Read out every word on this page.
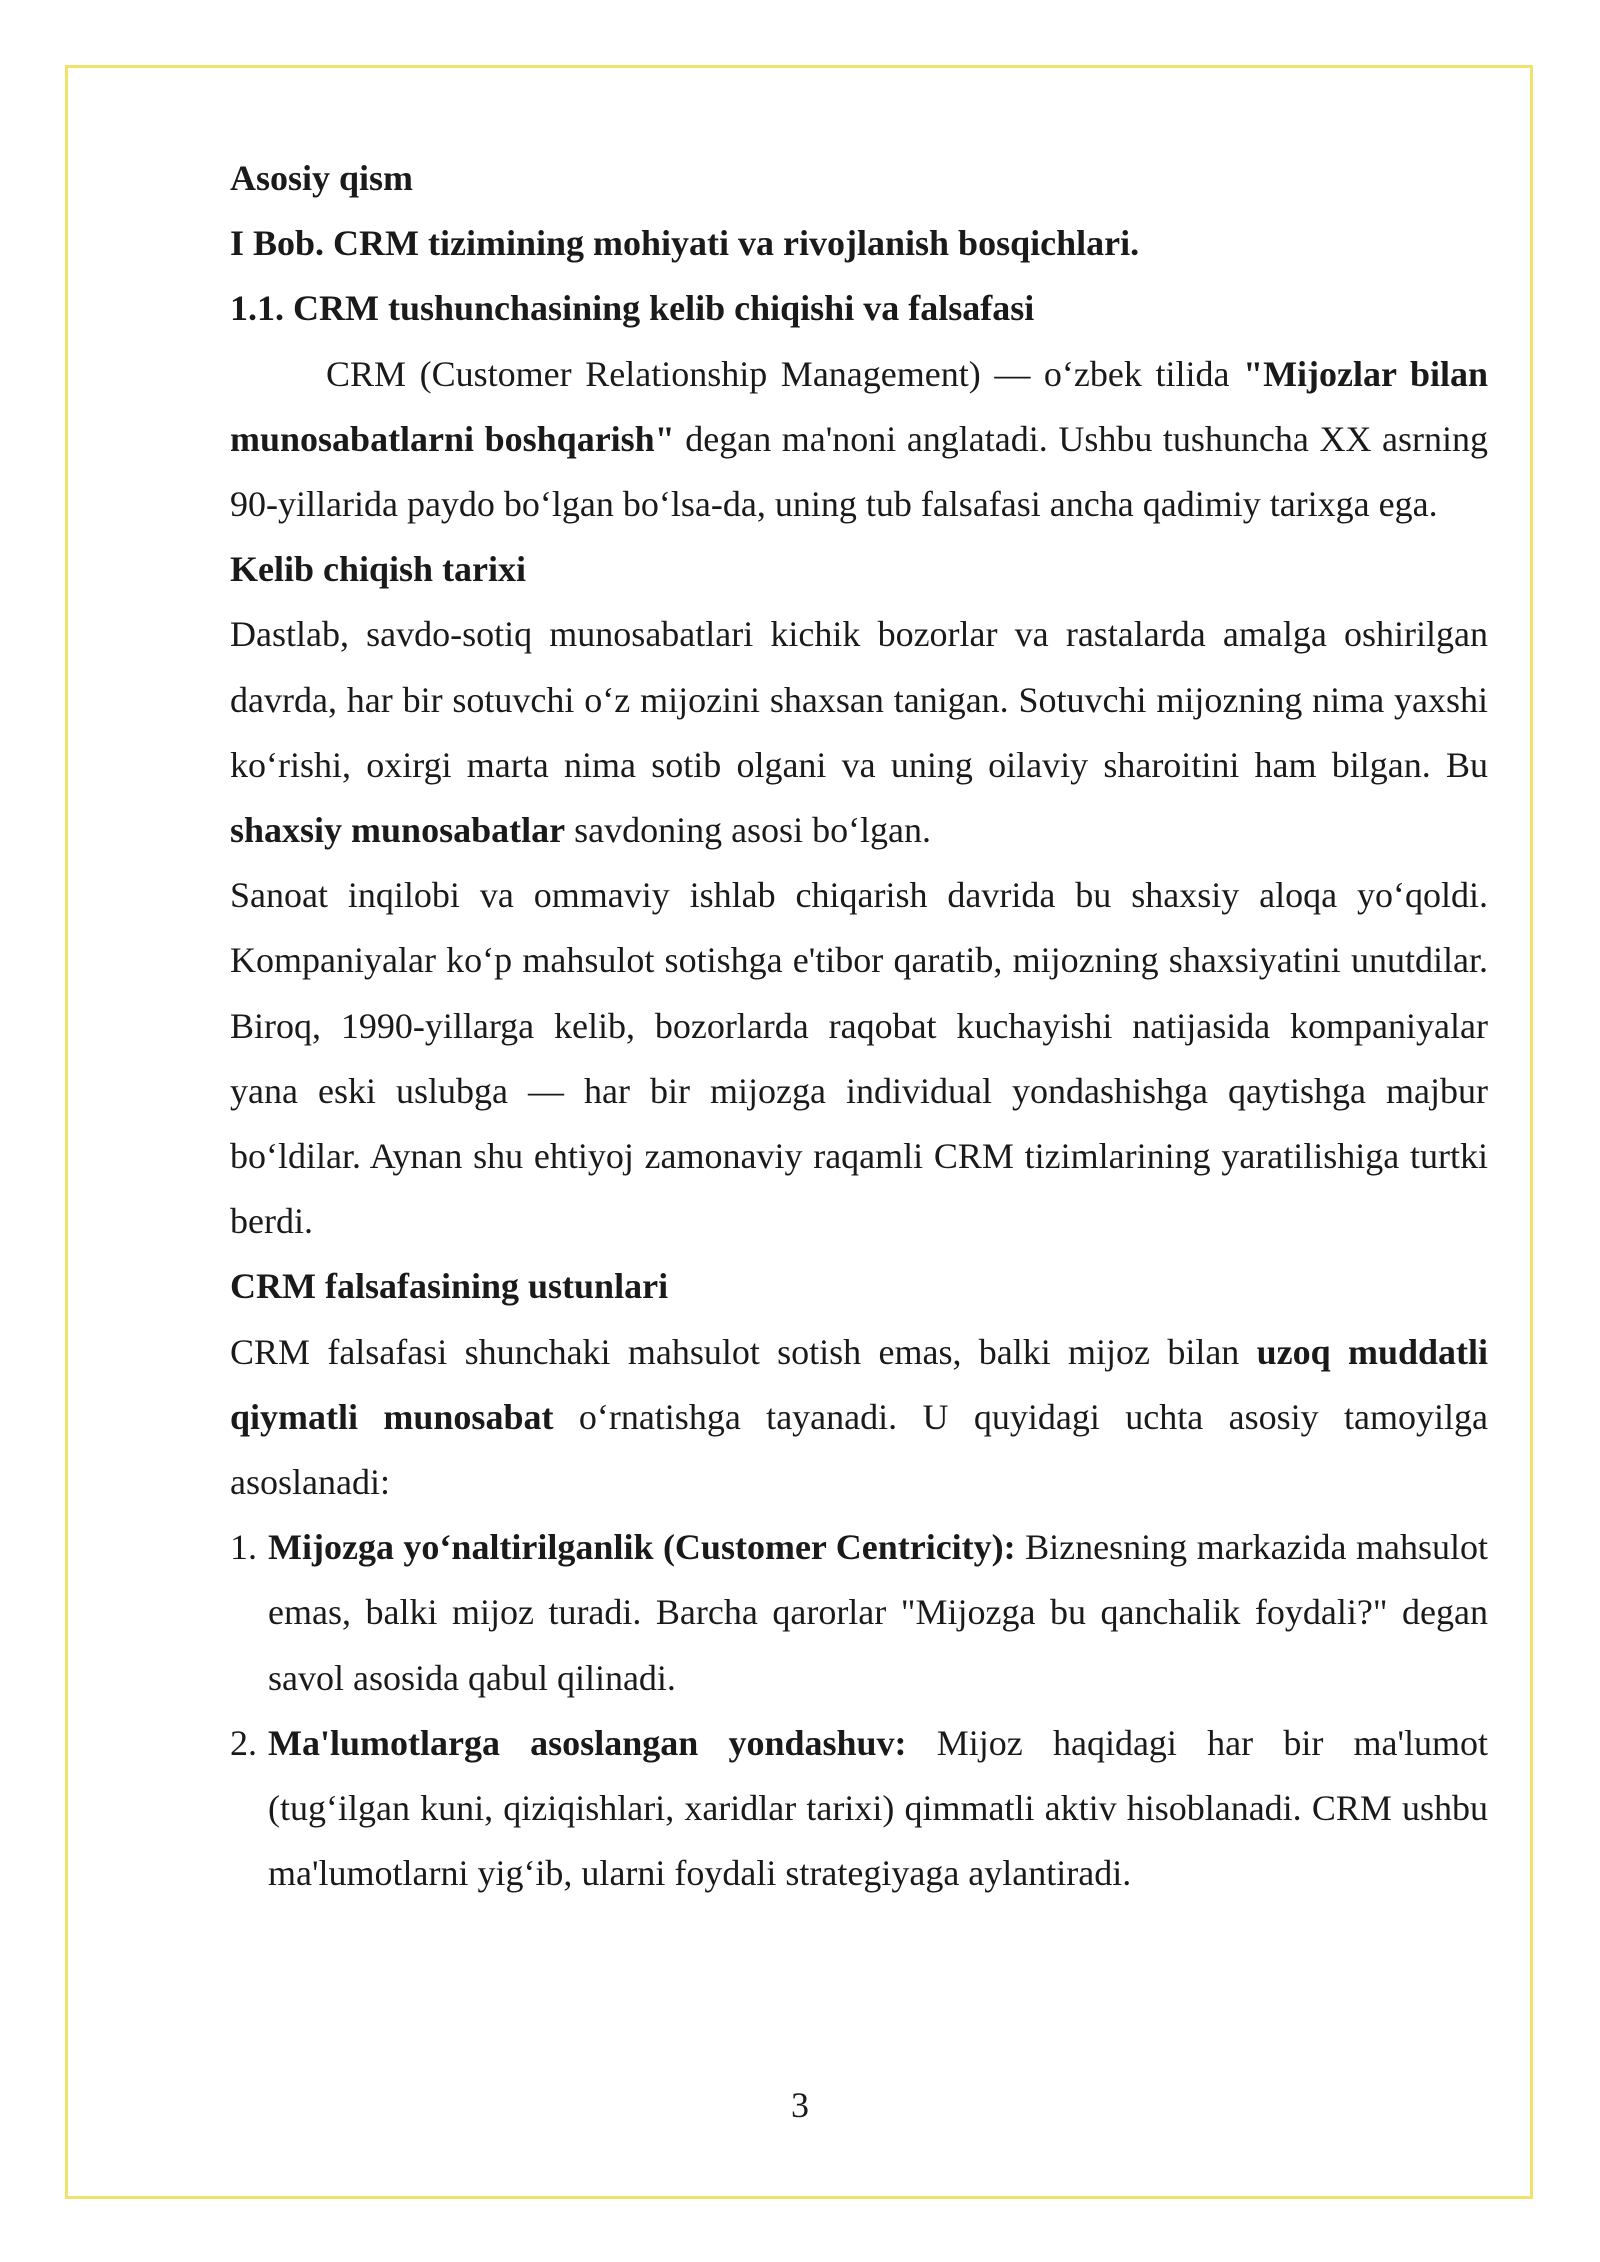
Asosiy qism

I Bob. CRM tizimining mohiyati va rivojlanish bosqichlari.

1.1. CRM tushunchasining kelib chiqishi va falsafasi

CRM (Customer Relationship Management) — oʻzbek tilida "Mijozlar bilan munosabatlarni boshqarish" degan ma'noni anglatadi. Ushbu tushuncha XX asrning 90-yillarida paydo boʻlgan boʻlsa-da, uning tub falsafasi ancha qadimiy tarixga ega.

Kelib chiqish tarixi

Dastlab, savdo-sotiq munosabatlari kichik bozorlar va rastalarda amalga oshirilgan davrda, har bir sotuvchi oʻz mijozini shaxsan tanigan. Sotuvchi mijozning nima yaxshi koʻrishi, oxirgi marta nima sotib olgani va uning oilaviy sharoitini ham bilgan. Bu shaxsiy munosabatlar savdoning asosi boʻlgan.

Sanoat inqilobi va ommaviy ishlab chiqarish davrida bu shaxsiy aloqa yoʻqoldi. Kompaniyalar koʻp mahsulot sotishga e'tibor qaratib, mijozning shaxsiyatini unutdilar. Biroq, 1990-yillarga kelib, bozorlarda raqobat kuchayishi natijasida kompaniyalar yana eski uslubga — har bir mijozga individual yondashishga qaytishga majbur boʻldilar. Aynan shu ehtiyoj zamonaviy raqamli CRM tizimlarining yaratilishiga turtki berdi.

CRM falsafasining ustunlari

CRM falsafasi shunchaki mahsulot sotish emas, balki mijoz bilan uzoq muddatli qiymatli munosabat oʻrnatishga tayanadi. U quyidagi uchta asosiy tamoyilga asoslanadi:

1. Mijozga yoʻnaltirilganlik (Customer Centricity): Biznesning markazida mahsulot emas, balki mijoz turadi. Barcha qarorlar "Mijozga bu qanchalik foydali?" degan savol asosida qabul qilinadi.
2. Ma'lumotlarga asoslangan yondashuv: Mijoz haqidagi har bir ma'lumot (tugʻilgan kuni, qiziqishlari, xaridlar tarixi) qimmatli aktiv hisoblanadi. CRM ushbu ma'lumotlarni yigʻib, ularni foydali strategiyaga aylantiradi.
3
